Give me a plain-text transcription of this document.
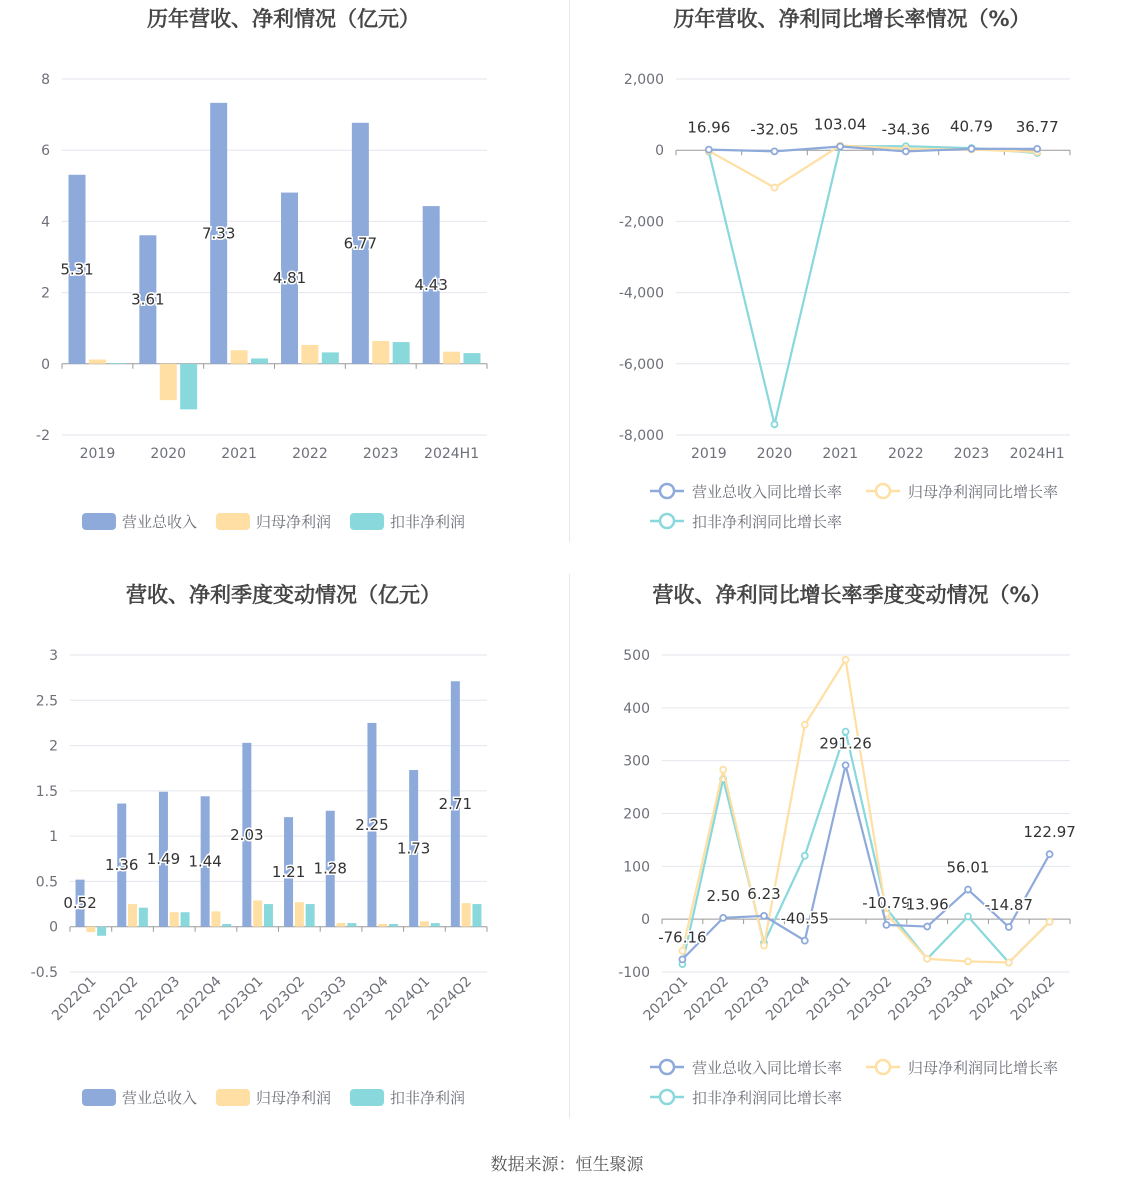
历年营收、净利情况（亿元）
-2
0
2
4
6
8
2019	2020	2021	2022	2023 2024H1
5.31
3.61
7.33
4.81
6.77
4.43
营业总收入	归母净利润	扣非净利润
历年营收、净利同比增长率情况（%）
-8,000
-6,000
-4,000
-2,000
0
2,000
2019 2020 2021 2022 2023 2024H1
16.96 -32.05 103.04 -34.36 40.79 36.77
营业总收入同比增长率	归母净利润同比增长率
扣非净利润同比增长率
营收、净利季度变动情况（亿元）
-0.5
0
0.5
1
1.5
2
2.5
3
2022Q1
2022Q2
2022Q3
2022Q4
2023Q1
2023Q2
2023Q3
2023Q4
2024Q1
2024Q2
0.52
1.36 1.49 1.44
2.03
1.21 1.28
2.25
1.73
2.71
营业总收入	归母净利润	扣非净利润
营收、净利同比增长率季度变动情况（%）
-100
0
100
200
300
400
500
2022Q1
2022Q2
2022Q3
2022Q4
2023Q1
2023Q2
2023Q3
2023Q4
2024Q1
2024Q2
-76.16
2.50 6.23
-40.55
291.26
-10.79
13.96
56.01
-14.87
122.97
营业总收入同比增长率	归母净利润同比增长率
扣非净利润同比增长率
数据来源：恒生聚源
